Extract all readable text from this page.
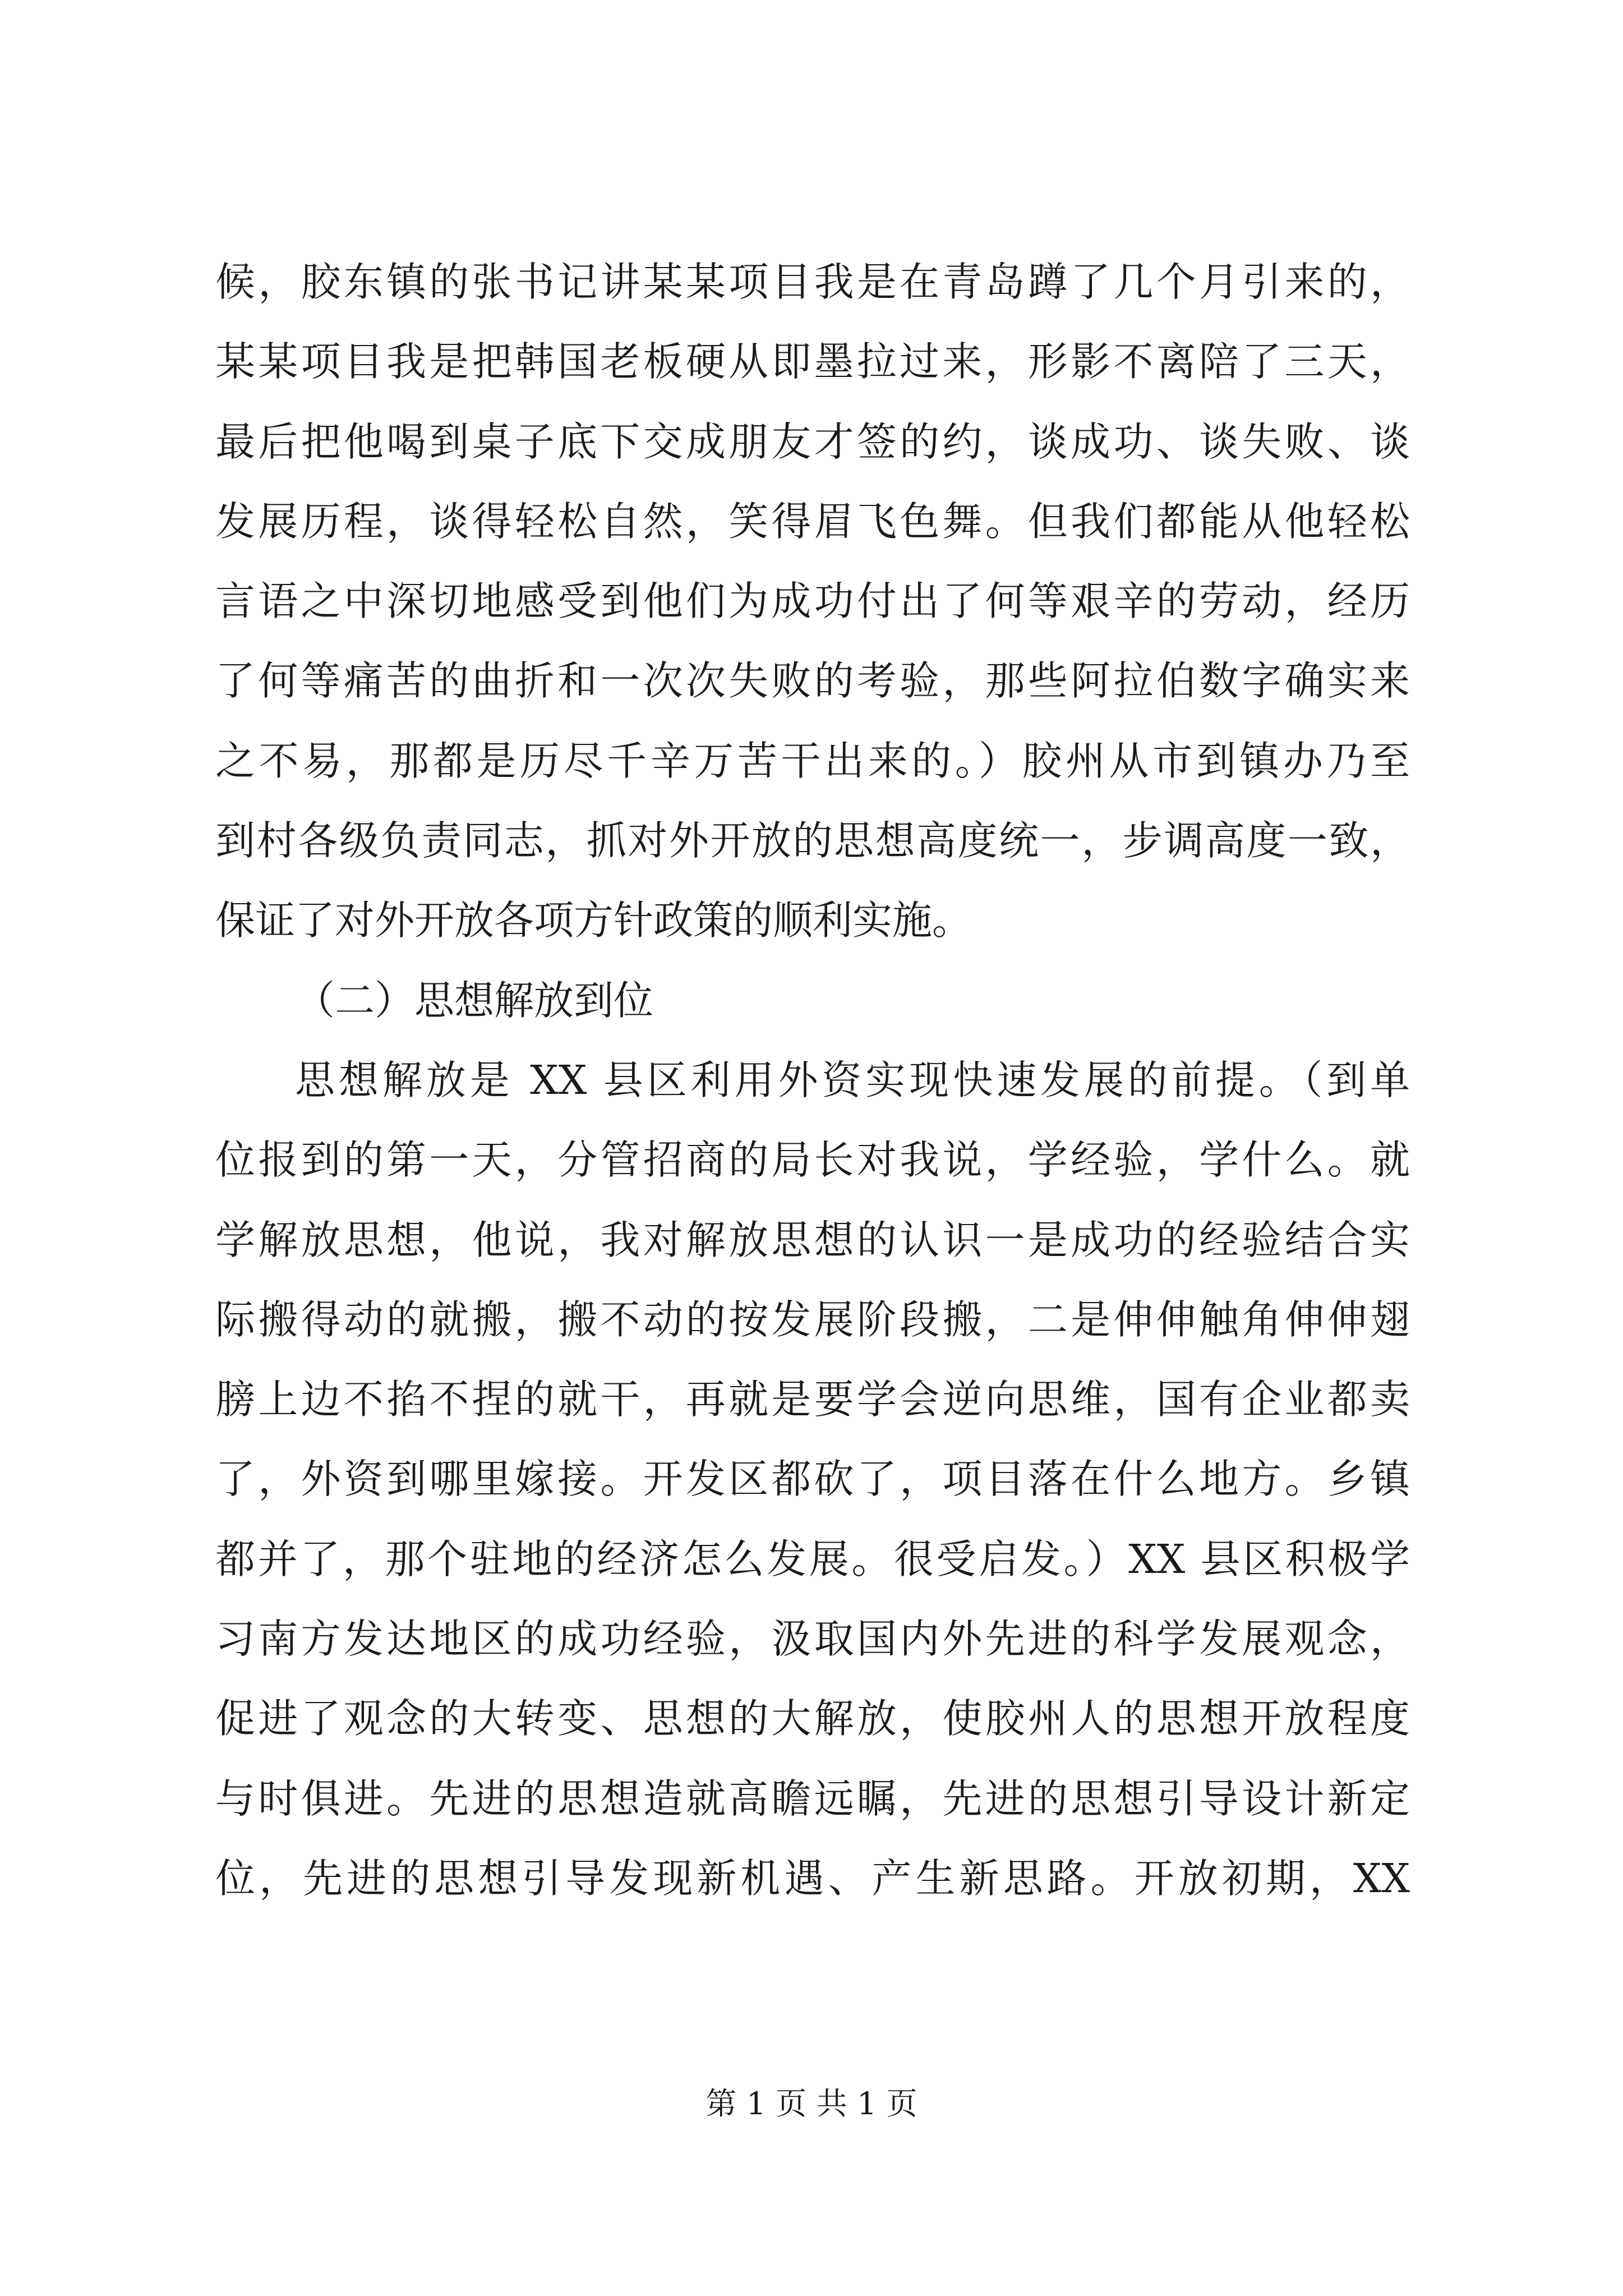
候，胶东镇的张书记讲某某项目我是在青岛蹲了几个月引来的，
某某项目我是把韩国老板硬从即墨拉过来，形影不离陪了三天，
最后把他喝到桌子底下交成朋友才签的约，谈成功、谈失败、谈
发展历程，谈得轻松自然，笑得眉飞色舞。但我们都能从他轻松
言语之中深切地感受到他们为成功付出了何等艰辛的劳动，经历
了何等痛苦的曲折和一次次失败的考验，那些阿拉伯数字确实来
之不易，那都是历尽千辛万苦干出来的。）胶州从市到镇办乃至
到村各级负责同志，抓对外开放的思想高度统一，步调高度一致，
保证了对外开放各项方针政策的顺利实施。
（二）思想解放到位
思想解放是 XX 县区利用外资实现快速发展的前提。（到单
位报到的第一天，分管招商的局长对我说，学经验，学什么。就
学解放思想，他说，我对解放思想的认识一是成功的经验结合实
际搬得动的就搬，搬不动的按发展阶段搬，二是伸伸触角伸伸翅
膀上边不掐不捏的就干，再就是要学会逆向思维，国有企业都卖
了，外资到哪里嫁接。开发区都砍了，项目落在什么地方。乡镇
都并了，那个驻地的经济怎么发展。很受启发。）XX 县区积极学
习南方发达地区的成功经验，汲取国内外先进的科学发展观念，
促进了观念的大转变、思想的大解放，使胶州人的思想开放程度
与时俱进。先进的思想造就高瞻远瞩，先进的思想引导设计新定
位，先进的思想引导发现新机遇、产生新思路。开放初期，XX
第 1 页 共 1 页
